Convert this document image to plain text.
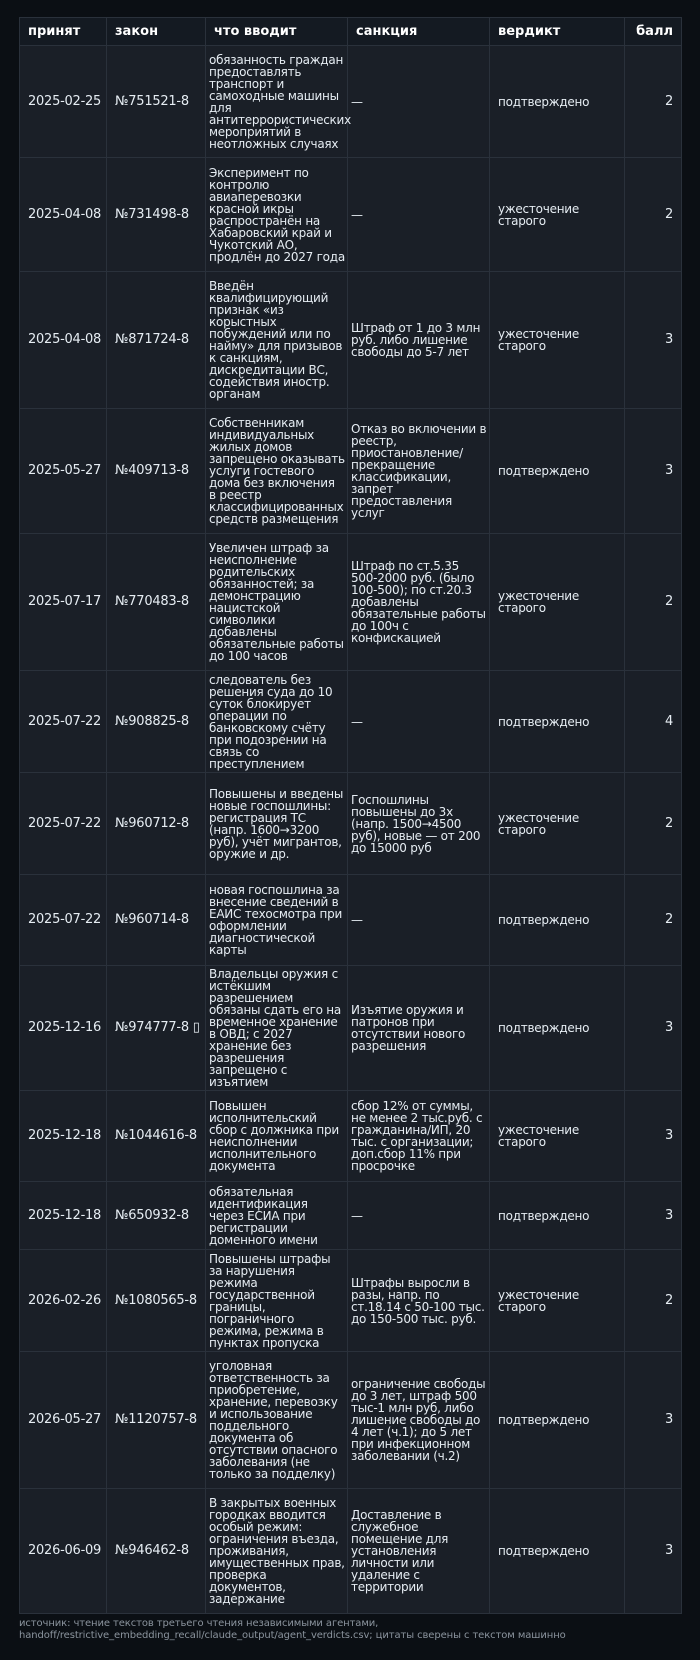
принят	закон	что вводит	санкция	вердикт	балл
2025-02-25	№751521-8	обязанность граждан предоставлять транспорт и самоходные машины для антитеррористических мероприятий в неотложных случаях	—	подтверждено	2
2025-04-08	№731498-8	Эксперимент по контролю авиаперевозки красной икры распространён на Хабаровский край и Чукотский АО, продлён до 2027 года	—	ужесточение старого	2
2025-04-08	№871724-8	Введён квалифицирующий признак «из корыстных побуждений или по найму» для призывов к санкциям, дискредитации ВС, содействия иностр. органам	Штраф от 1 до 3 млн руб. либо лишение свободы до 5-7 лет	ужесточение старого	3
2025-05-27	№409713-8	Собственникам индивидуальных жилых домов запрещено оказывать услуги гостевого дома без включения в реестр классифицированных средств размещения	Отказ во включении в реестр, приостановление/прекращение классификации, запрет предоставления услуг	подтверждено	3
2025-07-17	№770483-8	Увеличен штраф за неисполнение родительских обязанностей; за демонстрацию нацистской символики добавлены обязательные работы до 100 часов	Штраф по ст.5.35 500-2000 руб. (было 100-500); по ст.20.3 добавлены обязательные работы до 100ч с конфискацией	ужесточение старого	2
2025-07-22	№908825-8	следователь без решения суда до 10 суток блокирует операции по банковскому счёту при подозрении на связь со преступлением	—	подтверждено	4
2025-07-22	№960712-8	Повышены и введены новые госпошлины: регистрация ТС (напр. 1600→3200 руб), учёт мигрантов, оружие и др.	Госпошлины повышены до 3х (напр. 1500→4500 руб), новые — от 200 до 15000 руб	ужесточение старого	2
2025-07-22	№960714-8	новая госпошлина за внесение сведений в ЕАИС техосмотра при оформлении диагностической карты	—	подтверждено	2
2025-12-16	№974777-8 ▯	Владельцы оружия с истёкшим разрешением обязаны сдать его на временное хранение в ОВД; с 2027 хранение без разрешения запрещено с изъятием	Изъятие оружия и патронов при отсутствии нового разрешения	подтверждено	3
2025-12-18	№1044616-8	Повышен исполнительский сбор с должника при неисполнении исполнительного документа	сбор 12% от суммы, не менее 2 тыс.руб. с гражданина/ИП, 20 тыс. с организации; доп.сбор 11% при просрочке	ужесточение старого	3
2025-12-18	№650932-8	обязательная идентификация через ЕСИА при регистрации доменного имени	—	подтверждено	3
2026-02-26	№1080565-8	Повышены штрафы за нарушения режима государственной границы, пограничного режима, режима в пунктах пропуска	Штрафы выросли в разы, напр. по ст.18.14 с 50-100 тыс. до 150-500 тыс. руб.	ужесточение старого	2
2026-05-27	№1120757-8	уголовная ответственность за приобретение, хранение, перевозку и использование поддельного документа об отсутствии опасного заболевания (не только за подделку)	ограничение свободы до 3 лет, штраф 500 тыс-1 млн руб, либо лишение свободы до 4 лет (ч.1); до 5 лет при инфекционном заболевании (ч.2)	подтверждено	3
2026-06-09	№946462-8	В закрытых военных городках вводится особый режим: ограничения въезда, проживания, имущественных прав, проверка документов, задержание	Доставление в служебное помещение для установления личности или удаление с территории	подтверждено	3
источник: чтение текстов третьего чтения независимыми агентами,
handoff/restrictive_embedding_recall/claude_output/agent_verdicts.csv; цитаты сверены с текстом машинно
